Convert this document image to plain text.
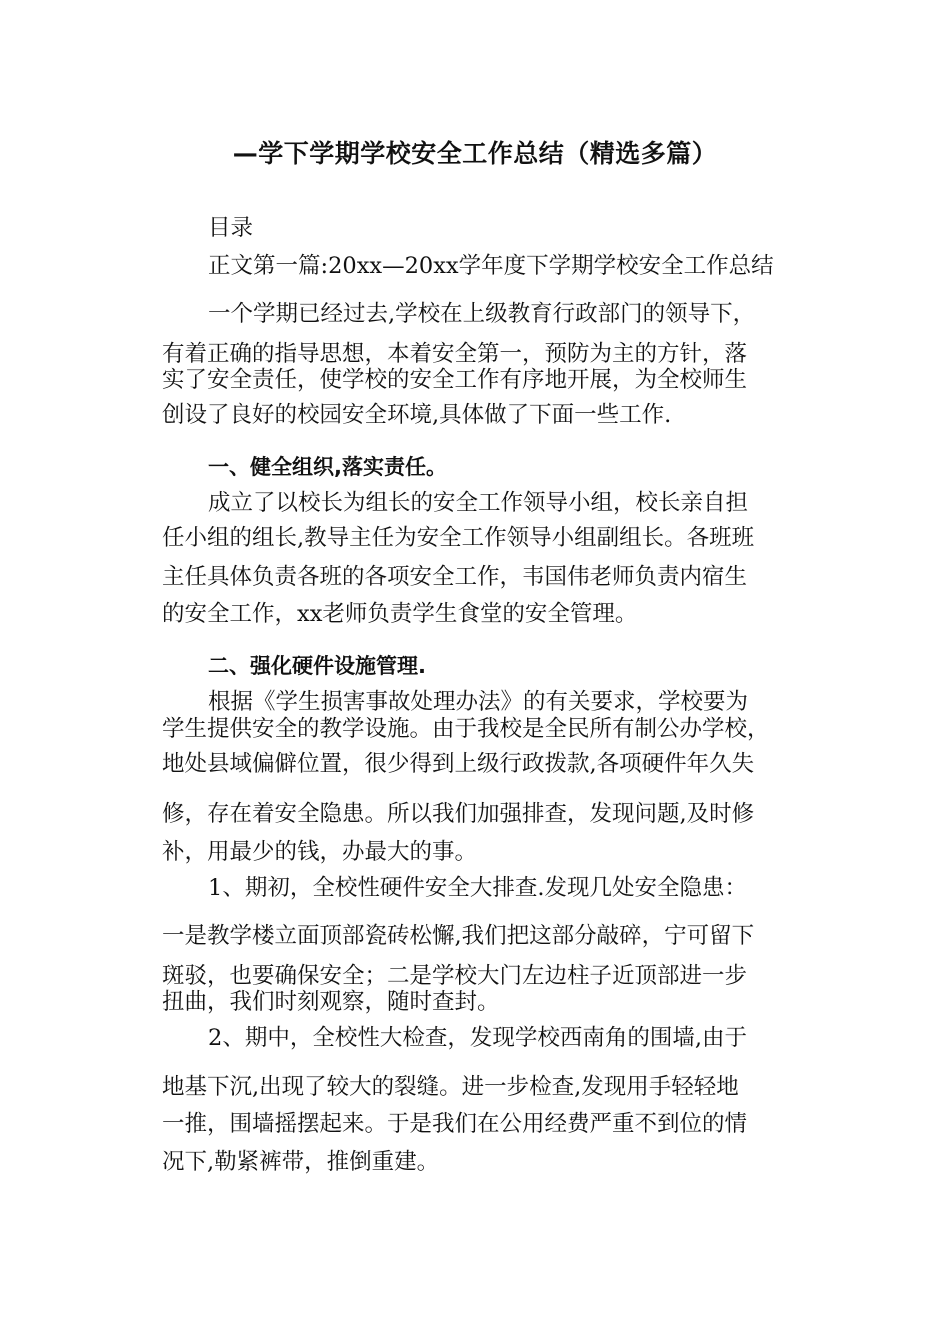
—学下学期学校安全工作总结（精选多篇）
目录
正文第一篇:20xx—20xx学年度下学期学校安全工作总结
一个学期已经过去,学校在上级教育行政部门的领导下，
有着正确的指导思想，本着安全第一，预防为主的方针，落
实了安全责任，使学校的安全工作有序地开展，为全校师生
创设了良好的校园安全环境,具体做了下面一些工作.
一、健全组织,落实责任。
成立了以校长为组长的安全工作领导小组，校长亲自担
任小组的组长,教导主任为安全工作领导小组副组长。各班班
主任具体负责各班的各项安全工作，韦国伟老师负责内宿生
的安全工作，xx老师负责学生食堂的安全管理。
二、强化硬件设施管理.
根据《学生损害事故处理办法》的有关要求，学校要为
学生提供安全的教学设施。由于我校是全民所有制公办学校，
地处县域偏僻位置，很少得到上级行政拨款,各项硬件年久失
修，存在着安全隐患。所以我们加强排查，发现问题,及时修
补，用最少的钱，办最大的事。
1、期初，全校性硬件安全大排查.发现几处安全隐患：
一是教学楼立面顶部瓷砖松懈,我们把这部分敲碎，宁可留下
斑驳，也要确保安全；二是学校大门左边柱子近顶部进一步
扭曲，我们时刻观察，随时查封。
2、期中，全校性大检查，发现学校西南角的围墙,由于
地基下沉,出现了较大的裂缝。进一步检查,发现用手轻轻地
一推，围墙摇摆起来。于是我们在公用经费严重不到位的情
况下,勒紧裤带，推倒重建。
